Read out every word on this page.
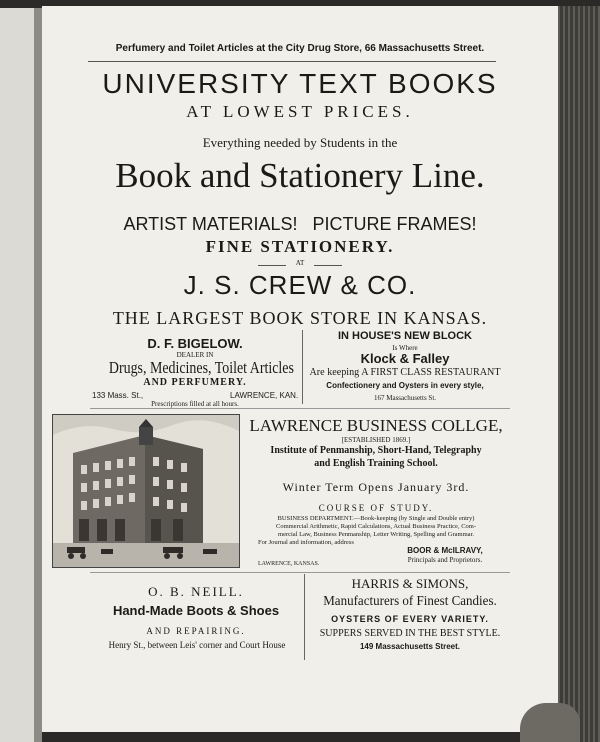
Perfumery and Toilet Articles at the City Drug Store, 66 Massachusetts Street.
UNIVERSITY TEXT BOOKS
AT LOWEST PRICES.
Everything needed by Students in the
Book and Stationery Line.
ARTIST MATERIALS!   PICTURE FRAMES!
FINE STATIONERY.
AT
J. S. CREW & CO.
THE LARGEST BOOK STORE IN KANSAS.
D. F. BIGELOW.
DEALER IN
Drugs, Medicines, Toilet Articles
AND PERFUMERY.
133 Mass. St.,	LAWRENCE, KAN.
Prescriptions filled at all hours.
IN HOUSE'S NEW BLOCK
Is Where
Klock & Falley
Are keeping A FIRST CLASS RESTAURANT
Confectionery and Oysters in every style,
167 Massachusetts St.
LAWRENCE BUSINESS COLLGE,
[ESTABLISHED 1869.]
Institute of Penmanship, Short-Hand, Telegraphy
and English Training School.
Winter Term Opens January 3rd.
COURSE OF STUDY.
BUSINESS DEPARTMENT.—Book-keeping (by Single and Double entry)
Commercial Arithmetic, Rapid Calculations, Actual Business Practice, Com-
mercial Law, Business Penmanship, Letter Writing, Spelling and Grammar.
For Journal and information, address
BOOR & McILRAVY,
Principals and Proprietors.
LAWRENCE, KANSAS.
O. B. NEILL.
Hand-Made Boots & Shoes
AND REPAIRING.
Henry St., between Leis' corner and Court House
HARRIS & SIMONS,
Manufacturers of Finest Candies.
OYSTERS OF EVERY VARIETY.
SUPPERS SERVED IN THE BEST STYLE.
149 Massachusetts Street.
